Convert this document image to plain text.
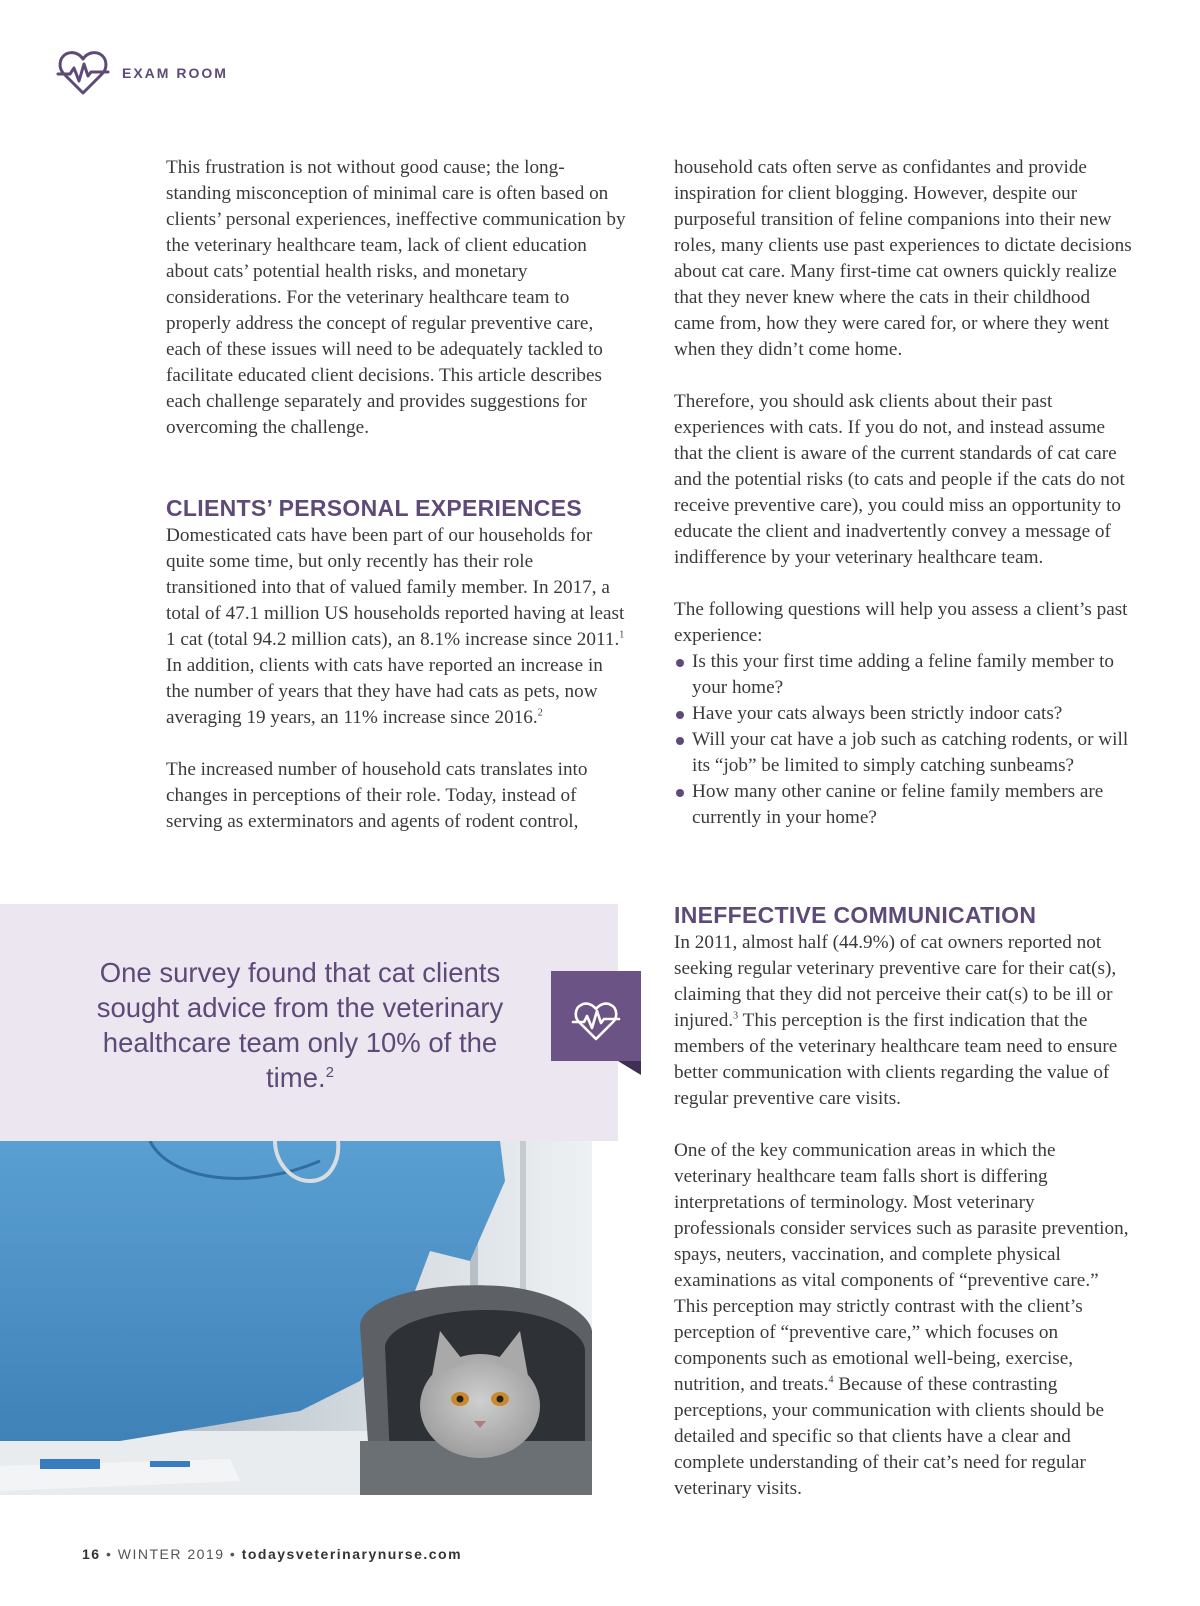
EXAM ROOM

This frustration is not without good cause; the long-standing misconception of minimal care is often based on clients’ personal experiences, ineffective communication by the veterinary healthcare team, lack of client education about cats’ potential health risks, and monetary considerations. For the veterinary healthcare team to properly address the concept of regular preventive care, each of these issues will need to be adequately tackled to facilitate educated client decisions. This article describes each challenge separately and provides suggestions for overcoming the challenge.

CLIENTS’ PERSONAL EXPERIENCES

Domesticated cats have been part of our households for quite some time, but only recently has their role transitioned into that of valued family member. In 2017, a total of 47.1 million US households reported having at least 1 cat (total 94.2 million cats), an 8.1% increase since 2011.$^1$ In addition, clients with cats have reported an increase in the number of years that they have had cats as pets, now averaging 19 years, an 11% increase since 2016.$^2$

The increased number of household cats translates into changes in perceptions of their role. Today, instead of serving as exterminators and agents of rodent control,

household cats often serve as confidantes and provide inspiration for client blogging. However, despite our purposeful transition of feline companions into their new roles, many clients use past experiences to dictate decisions about cat care. Many first-time cat owners quickly realize that they never knew where the cats in their childhood came from, how they were cared for, or where they went when they didn’t come home.

Therefore, you should ask clients about their past experiences with cats. If you do not, and instead assume that the client is aware of the current standards of cat care and the potential risks (to cats and people if the cats do not receive preventive care), you could miss an opportunity to educate the client and inadvertently convey a message of indifference by your veterinary healthcare team.

The following questions will help you assess a client’s past experience:

Is this your first time adding a feline family member to your home?
Have your cats always been strictly indoor cats?
Will your cat have a job such as catching rodents, or will its “job” be limited to simply catching sunbeams?
How many other canine or feline family members are currently in your home?
INEFFECTIVE COMMUNICATION

In 2011, almost half (44.9%) of cat owners reported not seeking regular veterinary preventive care for their cat(s), claiming that they did not perceive their cat(s) to be ill or injured.$^3$ This perception is the first indication that the members of the veterinary healthcare team need to ensure better communication with clients regarding the value of regular preventive care visits.

One of the key communication areas in which the veterinary healthcare team falls short is differing interpretations of terminology. Most veterinary professionals consider services such as parasite prevention, spays, neuters, vaccination, and complete physical examinations as vital components of “preventive care.” This perception may strictly contrast with the client’s perception of “preventive care,” which focuses on components such as emotional well-being, exercise, nutrition, and treats.$^4$ Because of these contrasting perceptions, your communication with clients should be detailed and specific so that clients have a clear and complete understanding of their cat’s need for regular veterinary visits.

One survey found that cat clients sought advice from the veterinary healthcare team only 10% of the time.$^2$
16 • WINTER 2019 • todaysveterinarynurse.com
